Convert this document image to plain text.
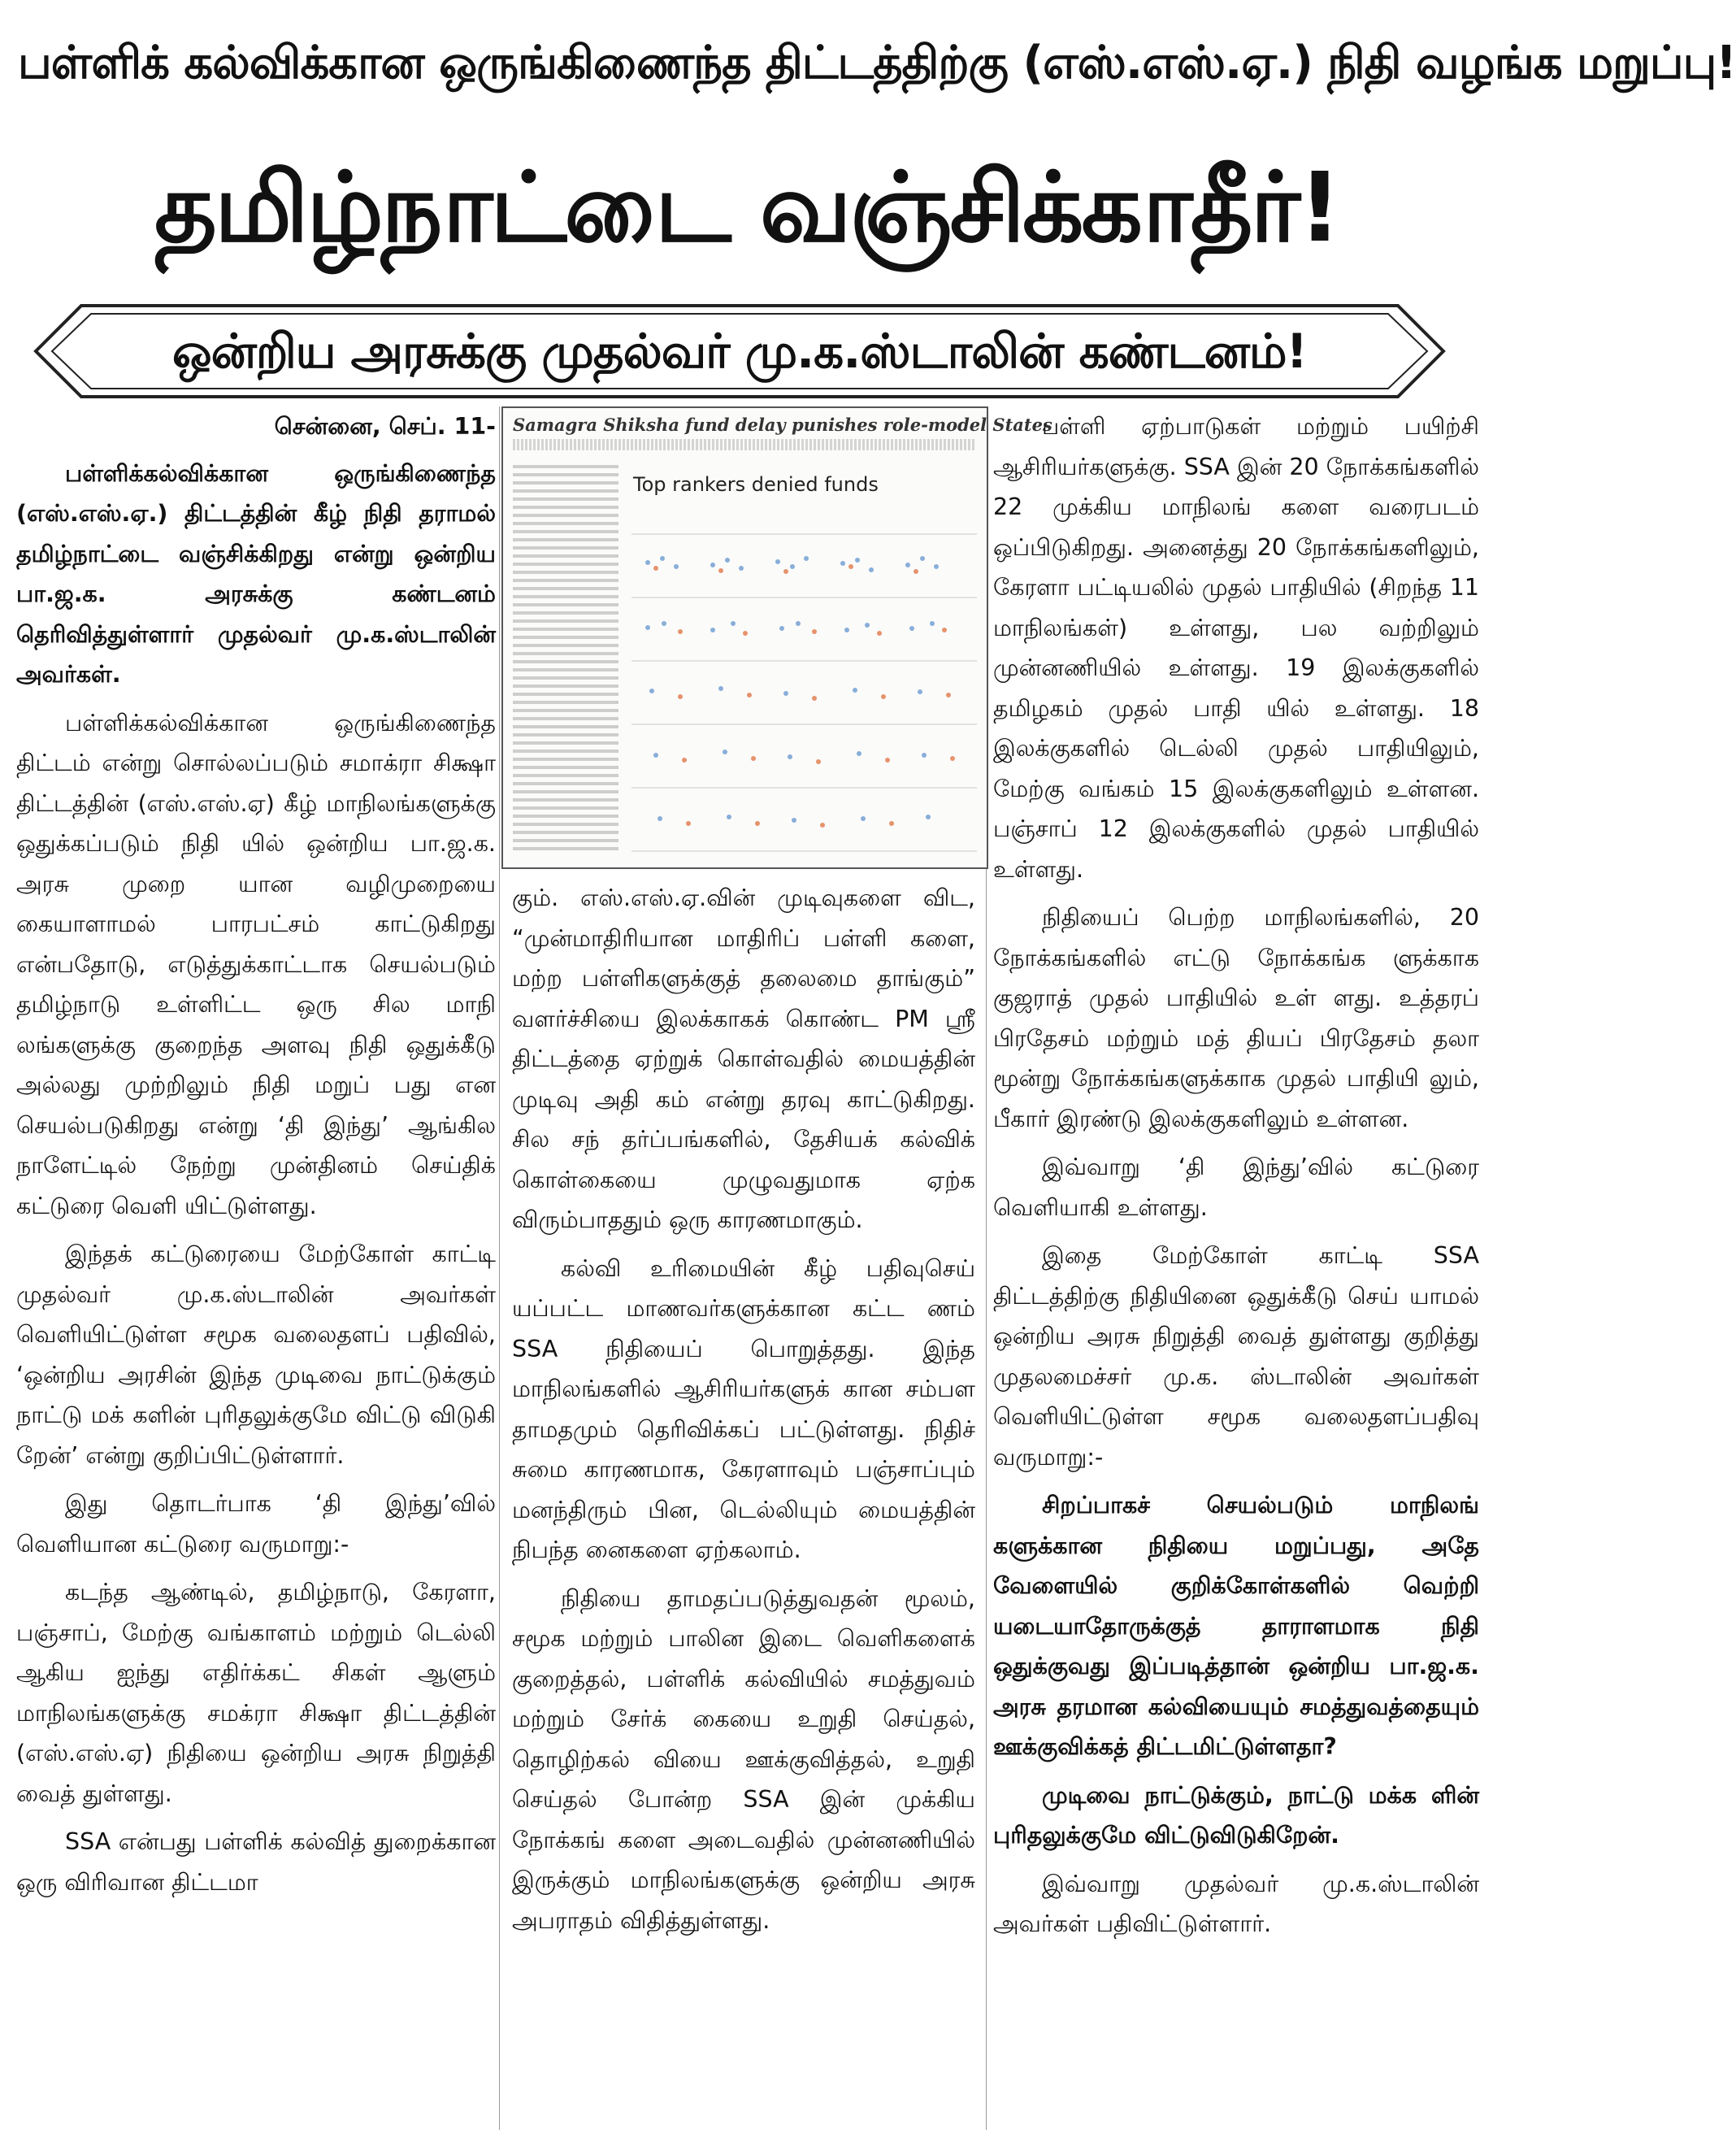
பள்ளிக் கல்விக்கான ஒருங்கிணைந்த திட்டத்திற்கு (எஸ்.எஸ்.ஏ.) நிதி வழங்க மறுப்பு!
தமிழ்நாட்டை வஞ்சிக்காதீர்!
ஒன்றிய அரசுக்கு முதல்வர் மு.க.ஸ்டாலின் கண்டனம்!

சென்னை, செப். 11-

பள்ளிக்கல்விக்கான ஒருங்கிணைந்த (எஸ்.எஸ்.ஏ.) திட்டத்தின் கீழ் நிதி தராமல் தமிழ்நாட்டை வஞ்சிக்கிறது என்று ஒன்றிய பா.ஜ.க. அரசுக்கு கண்டனம் தெரிவித்துள்ளார் முதல்வர் மு.க.ஸ்டாலின் அவர்கள்.

பள்ளிக்கல்விக்கான ஒருங்கிணைந்த திட்டம் என்று சொல்லப்படும் சமாக்ரா சிக்ஷா திட்டத்தின் (எஸ்.எஸ்.ஏ) கீழ் மாநிலங்களுக்கு ஒதுக்கப்படும் நிதி யில் ஒன்றிய பா.ஜ.க. அரசு முறை யான வழிமுறையை கையாளாமல் பாரபட்சம் காட்டுகிறது என்பதோடு, எடுத்துக்காட்டாக செயல்படும் தமிழ்நாடு உள்ளிட்ட ஒரு சில மாநி லங்களுக்கு குறைந்த அளவு நிதி ஒதுக்கீடு அல்லது முற்றிலும் நிதி மறுப் பது என செயல்படுகிறது என்று ‘தி இந்து’ ஆங்கில நாளேட்டில் நேற்று முன்தினம் செய்திக் கட்டுரை வெளி யிட்டுள்ளது.

இந்தக் கட்டுரையை மேற்கோள் காட்டி முதல்வர் மு.க.ஸ்டாலின் அவர்கள் வெளியிட்டுள்ள சமூக வலைதளப் பதிவில், ‘ஒன்றிய அரசின் இந்த முடிவை நாட்டுக்கும் நாட்டு மக் களின் புரிதலுக்குமே விட்டு விடுகி றேன்’ என்று குறிப்பிட்டுள்ளார்.

இது தொடர்பாக ‘தி இந்து’வில் வெளியான கட்டுரை வருமாறு:-

கடந்த ஆண்டில், தமிழ்நாடு, கேரளா, பஞ்சாப், மேற்கு வங்காளம் மற்றும் டெல்லி ஆகிய ஐந்து எதிர்க்கட் சிகள் ஆளும் மாநிலங்களுக்கு சமக்ரா சிக்ஷா திட்டத்தின் (எஸ்.எஸ்.ஏ) நிதியை ஒன்றிய அரசு நிறுத்தி வைத் துள்ளது.

SSA என்பது பள்ளிக் கல்வித் துறைக்கான ஒரு விரிவான திட்டமா

Samagra Shiksha fund delay punishes role-model States
Top rankers denied funds

கும். எஸ்.எஸ்.ஏ.வின் முடிவுகளை விட, “முன்மாதிரியான மாதிரிப் பள்ளி களை, மற்ற பள்ளிகளுக்குத் தலைமை தாங்கும்” வளர்ச்சியை இலக்காகக் கொண்ட PM ஸ்ரீ திட்டத்தை ஏற்றுக் கொள்வதில் மையத்தின் முடிவு அதி கம் என்று தரவு காட்டுகிறது. சில சந் தர்ப்பங்களில், தேசியக் கல்விக் கொள்கையை முழுவதுமாக ஏற்க விரும்பாததும் ஒரு காரணமாகும்.

கல்வி உரிமையின் கீழ் பதிவுசெய் யப்பட்ட மாணவர்களுக்கான கட்ட ணம் SSA நிதியைப் பொறுத்தது. இந்த மாநிலங்களில் ஆசிரியர்களுக் கான சம்பள தாமதமும் தெரிவிக்கப் பட்டுள்ளது. நிதிச் சுமை காரணமாக, கேரளாவும் பஞ்சாப்பும் மனந்திரும் பின, டெல்லியும் மையத்தின் நிபந்த னைகளை ஏற்கலாம்.

நிதியை தாமதப்படுத்துவதன் மூலம், சமூக மற்றும் பாலின இடை வெளிகளைக் குறைத்தல், பள்ளிக் கல்வியில் சமத்துவம் மற்றும் சேர்க் கையை உறுதி செய்தல், தொழிற்கல் வியை ஊக்குவித்தல், உறுதி செய்தல் போன்ற SSA இன் முக்கிய நோக்கங் களை அடைவதில் முன்னணியில் இருக்கும் மாநிலங்களுக்கு ஒன்றிய அரசு அபராதம் விதித்துள்ளது.

பள்ளி ஏற்பாடுகள் மற்றும் பயிற்சி ஆசிரியர்களுக்கு. SSA இன் 20 நோக்கங்களில் 22 முக்கிய மாநிலங் களை வரைபடம் ஒப்பிடுகிறது. அனைத்து 20 நோக்கங்களிலும், கேரளா பட்டியலில் முதல் பாதியில் (சிறந்த 11 மாநிலங்கள்) உள்ளது, பல வற்றிலும் முன்னணியில் உள்ளது. 19 இலக்குகளில் தமிழகம் முதல் பாதி யில் உள்ளது. 18 இலக்குகளில் டெல்லி முதல் பாதியிலும், மேற்கு வங்கம் 15 இலக்குகளிலும் உள்ளன. பஞ்சாப் 12 இலக்குகளில் முதல் பாதியில் உள்ளது.

நிதியைப் பெற்ற மாநிலங்களில், 20 நோக்கங்களில் எட்டு நோக்கங்க ளுக்காக குஜராத் முதல் பாதியில் உள் ளது. உத்தரப் பிரதேசம் மற்றும் மத் தியப் பிரதேசம் தலா மூன்று நோக்கங்களுக்காக முதல் பாதியி லும், பீகார் இரண்டு இலக்குகளிலும் உள்ளன.

இவ்வாறு ‘தி இந்து’வில் கட்டுரை வெளியாகி உள்ளது.

இதை மேற்கோள் காட்டி SSA திட்டத்திற்கு நிதியினை ஒதுக்கீடு செய் யாமல் ஒன்றிய அரசு நிறுத்தி வைத் துள்ளது குறித்து முதலமைச்சர் மு.க. ஸ்டாலின் அவர்கள் வெளியிட்டுள்ள சமூக வலைதளப்பதிவு வருமாறு:-

சிறப்பாகச் செயல்படும் மாநிலங் களுக்கான நிதியை மறுப்பது, அதே வேளையில் குறிக்கோள்களில் வெற்றி யடையாதோருக்குத் தாராளமாக நிதி ஒதுக்குவது இப்படித்தான் ஒன்றிய பா.ஜ.க. அரசு தரமான கல்வியையும் சமத்துவத்தையும் ஊக்குவிக்கத் திட்டமிட்டுள்ளதா?

முடிவை நாட்டுக்கும், நாட்டு மக்க ளின் புரிதலுக்குமே விட்டுவிடுகிறேன்.

இவ்வாறு முதல்வர் மு.க.ஸ்டாலின் அவர்கள் பதிவிட்டுள்ளார்.
